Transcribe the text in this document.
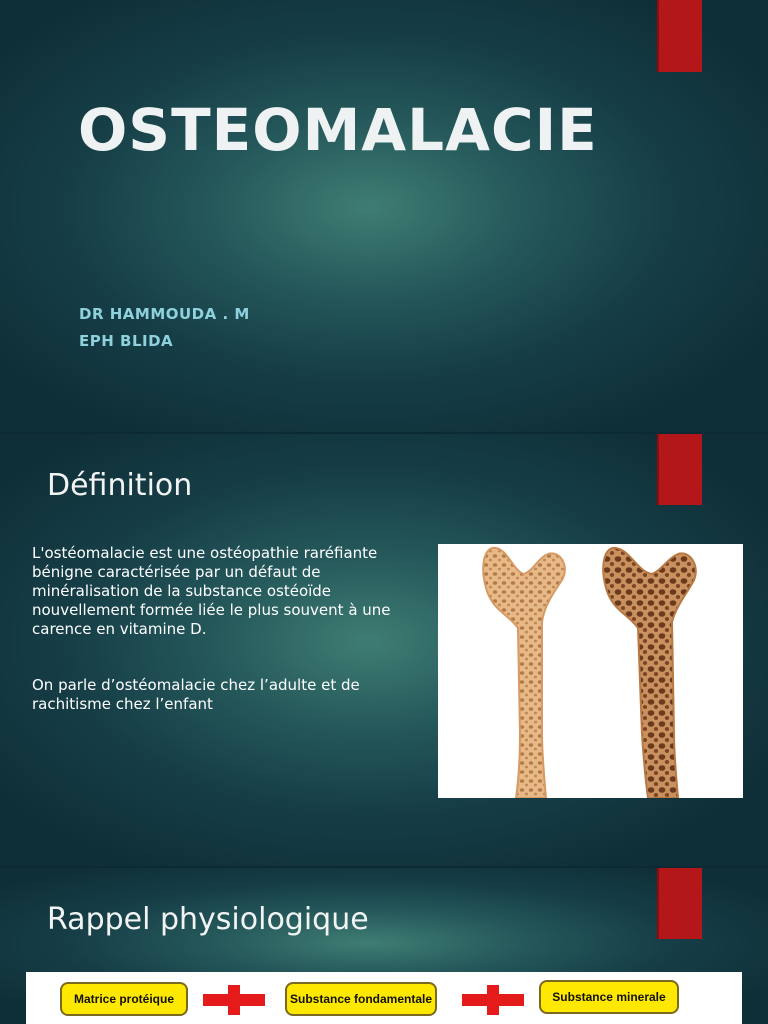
OSTEOMALACIE

DR HAMMOUDA . M

EPH BLIDA

Définition

L'ostéomalacie est une ostéopathie raréfiante bénigne caractérisée par un défaut de minéralisation de la substance ostéoïde nouvellement formée liée le plus souvent à une carence en vitamine D.

On parle d’ostéomalacie chez l’adulte et de rachitisme chez l’enfant

Rappel physiologique
Matrice protéique	Substance fondamentale	Substance minerale
